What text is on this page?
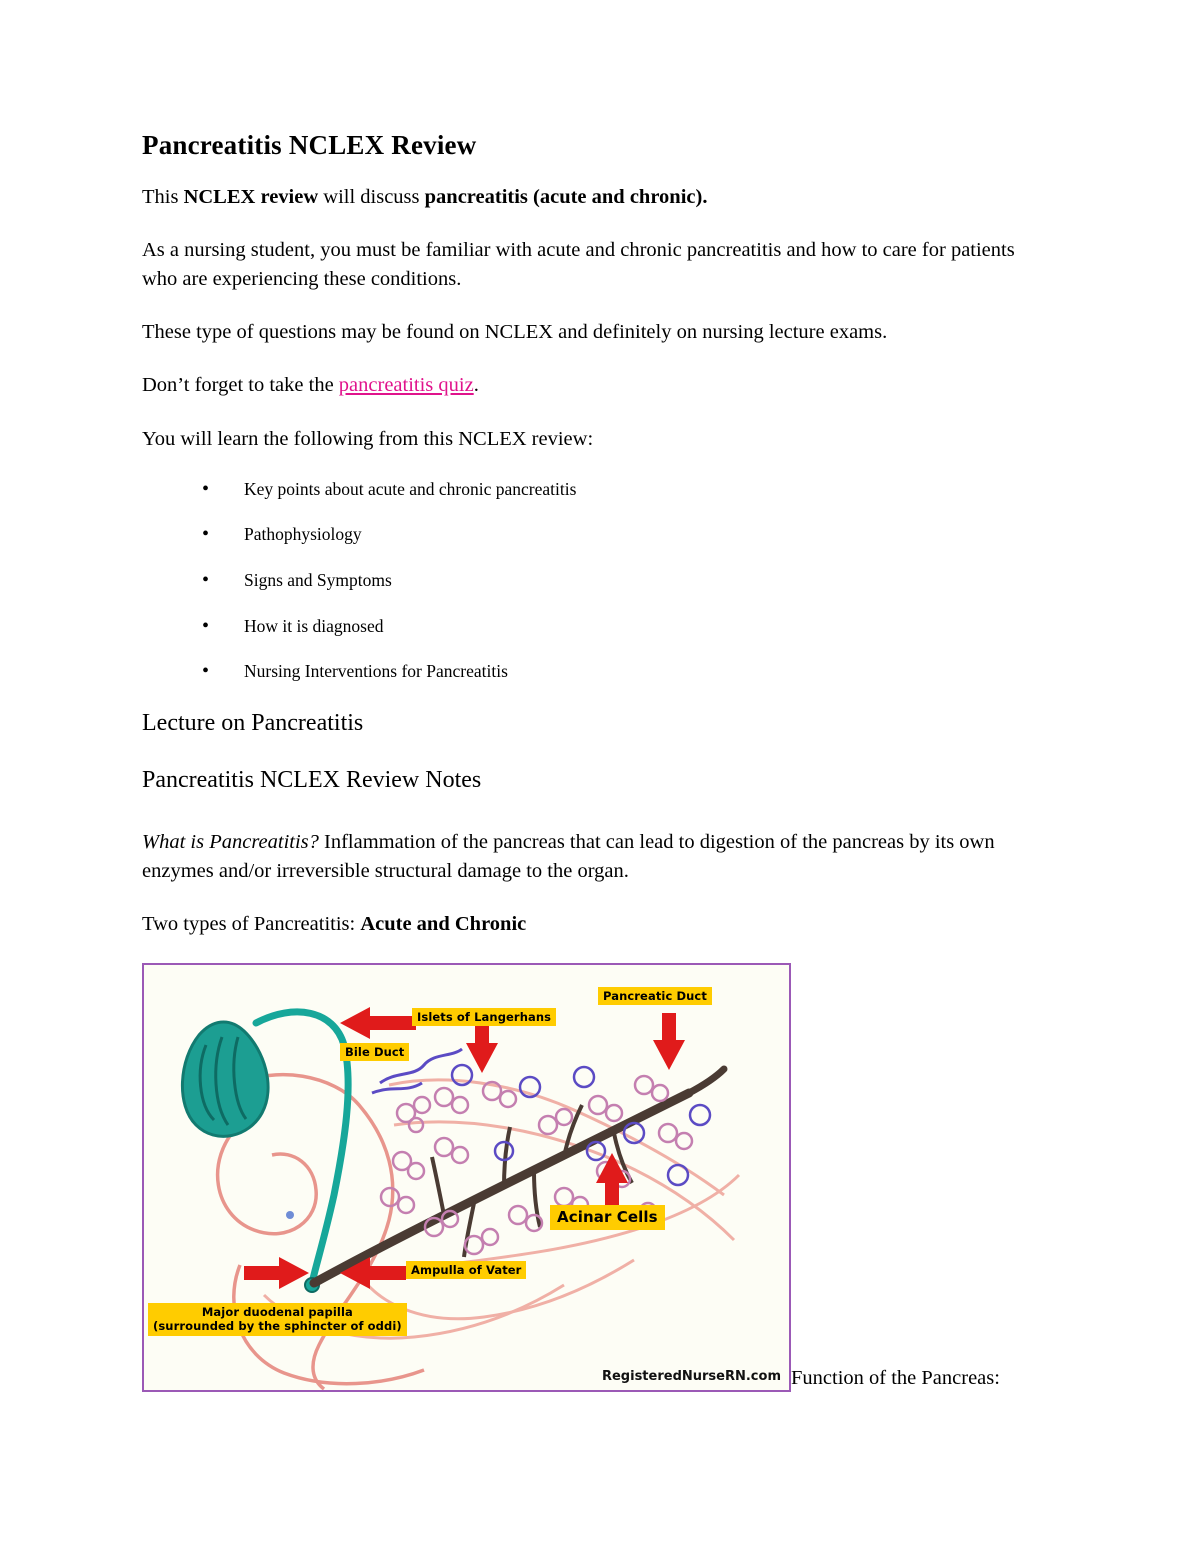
Pancreatitis NCLEX Review

This NCLEX review will discuss pancreatitis (acute and chronic).

As a nursing student, you must be familiar with acute and chronic pancreatitis and how to care for patients who are experiencing these conditions.

These type of questions may be found on NCLEX and definitely on nursing lecture exams.

Don’t forget to take the pancreatitis quiz.

You will learn the following from this NCLEX review:

• Key points about acute and chronic pancreatitis
• Pathophysiology
• Signs and Symptoms
• How it is diagnosed
• Nursing Interventions for Pancreatitis
Lecture on Pancreatitis
Pancreatitis NCLEX Review Notes

What is Pancreatitis? Inflammation of the pancreas that can lead to digestion of the pancreas by its own enzymes and/or irreversible structural damage to the organ.

Two types of Pancreatitis: Acute and Chronic

Islets of Langerhans
Pancreatic Duct
Bile Duct
Acinar Cells
Ampulla of Vater
Major duodenal papilla
(surrounded by the sphincter of oddi)
RegisteredNurseRN.com Function of the Pancreas:
